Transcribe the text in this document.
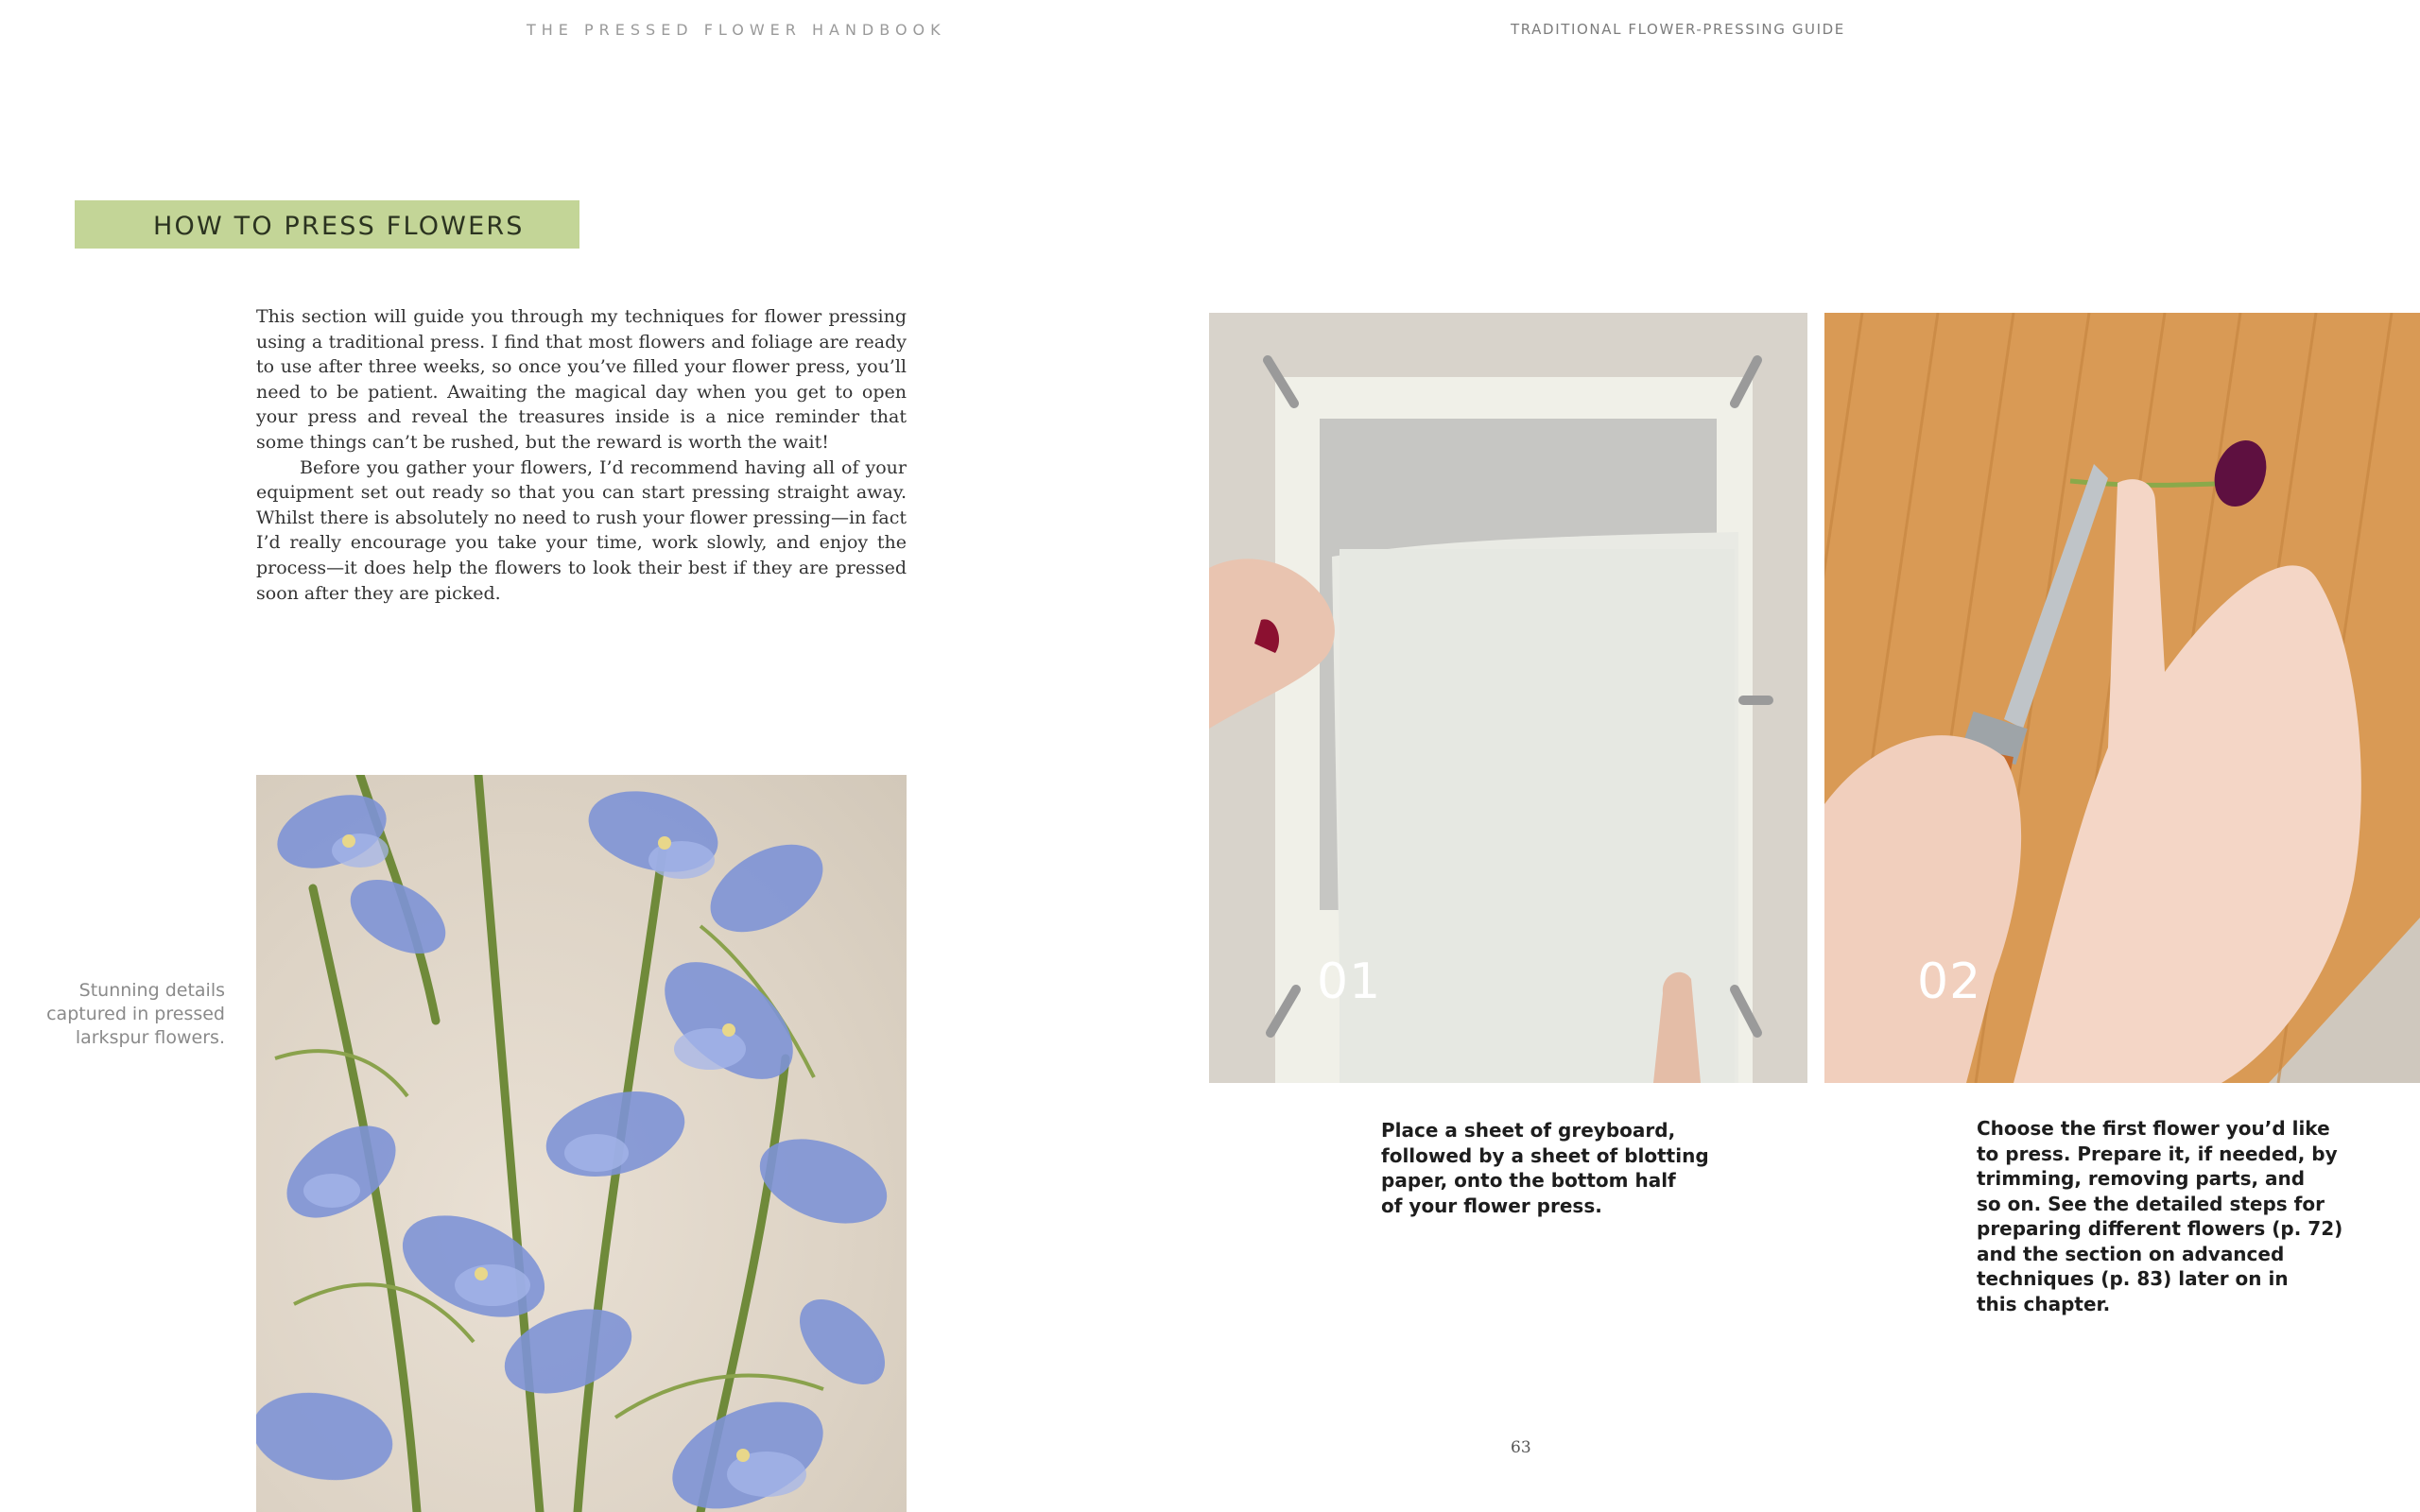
THE PRESSED FLOWER HANDBOOK	TRADITIONAL FLOWER-PRESSING GUIDE
HOW TO PRESS FLOWERS

This section will guide you through my techniques for flower pressing using a traditional press. I find that most flowers and foliage are ready to use after three weeks, so once you’ve filled your flower press, you’ll need to be patient. Awaiting the magical day when you get to open your press and reveal the treasures inside is a nice reminder that some things can’t be rushed, but the reward is worth the wait!

Before you gather your flowers, I’d recommend having all of your equipment set out ready so that you can start pressing straight away. Whilst there is absolutely no need to rush your flower pressing—in fact I’d really encourage you take your time, work slowly, and enjoy the process—it does help the flowers to look their best if they are pressed soon after they are picked.

Stunning details captured in pressed larkspur flowers.
01	02
Place a sheet of greyboard,
followed by a sheet of blotting
paper, onto the bottom half
of your flower press.
Choose the first flower you’d like
to press. Prepare it, if needed, by
trimming, removing parts, and
so on. See the detailed steps for
preparing different flowers (p. 72)
and the section on advanced
techniques (p. 83) later on in
this chapter.
63
